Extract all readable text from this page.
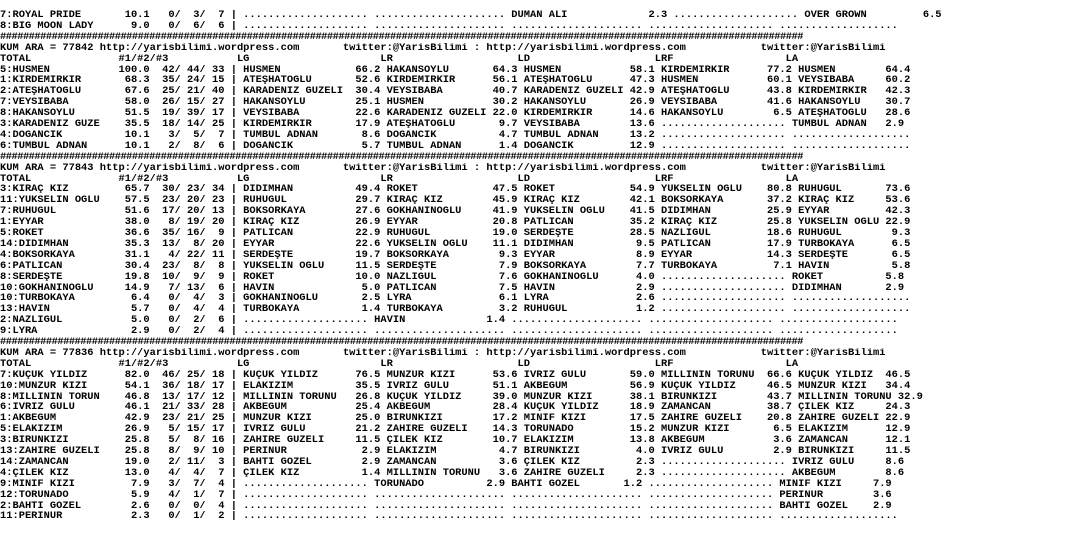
7:ROYAL PRIDE       10.1   0/  3/  7 | .................... ..................... DUMAN ALİ             2.3 .................... OVER GROWN         6.5
8:BIG MOON LADY      9.0   0/  6/  6 | .................... ..................... ..................... .................... ...................
############################################################################################################################################
KUM ARA = 77842 http://yarisbilimi.wordpress.com       twitter:@YarisBilimi : http://yarisbilimi.wordpress.com            twitter:@YarisBilimi
TOTAL              #1/#2/#3           LG                     LR                    LD                    LRF                  LA
5:HÜSMEN           100.0  42/ 44/ 33 | HÜSMEN            66.2 HAKANSOYLU       64.3 HÜSMEN           58.1 KIRDEMİRKIR      77.2 HÜSMEN        64.4
1:KIRDEMİRKIR       68.3  35/ 24/ 15 | ATEŞHATOĞLU       52.6 KIRDEMİRKIR      56.1 ATEŞHATOĞLU      47.3 HÜSMEN           60.1 VEYSİBABA     60.2
2:ATEŞHATOĞLU       67.6  25/ 21/ 40 | KARADENİZ GÜZELİ  30.4 VEYSİBABA        40.7 KARADENİZ GÜZELİ 42.9 ATEŞHATOĞLU      43.8 KIRDEMİRKIR   42.3
7:VEYSİBABA         58.0  26/ 15/ 27 | HAKANSOYLU        25.1 HÜSMEN           30.2 HAKANSOYLU       26.9 VEYSİBABA        41.6 HAKANSOYLU    30.7
8:HAKANSOYLU        51.5  19/ 39/ 17 | VEYSİBABA         22.6 KARADENİZ GÜZELİ 22.0 KIRDEMİRKIR      14.6 HAKANSOYLU        6.5 ATEŞHATOĞLU   28.6
3:KARADENİZ GÜZE    35.5  18/ 14/ 25 | KIRDEMİRKIR       17.9 ATEŞHATOĞLU       9.7 VEYSİBABA        13.6 .................... TUMBUL ADNAN   2.9
4:DOĞANCIK          10.1   3/  5/  7 | TUMBUL ADNAN       8.6 DOĞANCIK          4.7 TUMBUL ADNAN     13.2 .................... ...................
6:TUMBUL ADNAN      10.1   2/  8/  6 | DOĞANCIK           5.7 TUMBUL ADNAN      1.4 DOĞANCIK         12.9 .................... ...................
############################################################################################################################################
KUM ARA = 77843 http://yarisbilimi.wordpress.com       twitter:@YarisBilimi : http://yarisbilimi.wordpress.com            twitter:@YarisBilimi
TOTAL              #1/#2/#3           LG                     LR                    LD                    LRF                  LA
3:KIRAÇ KIZ         65.7  30/ 23/ 34 | DİDİMHAN          49.4 ROKET            47.5 ROKET            54.9 YÜKSELİN OĞLU    80.8 RUHUGÜL       73.6
11:YÜKSELİN OĞLU    57.5  23/ 20/ 23 | RUHUGÜL           29.7 KIRAÇ KIZ        45.9 KIRAÇ KIZ        42.1 BOKSÖRKAYA       37.2 KIRAÇ KIZ     53.6
7:RUHUGÜL           51.6  17/ 20/ 13 | BOKSÖRKAYA        27.6 GÖKHANINOĞLU     41.9 YÜKSELİN OĞLU    41.5 DİDİMHAN         25.9 EYYAR         42.3
1:EYYAR             38.0   8/ 19/ 20 | KIRAÇ KIZ         26.9 EYYAR            20.8 PATLICAN         35.2 KIRAÇ KIZ        25.8 YÜKSELİN OĞLU 22.9
5:ROKET             36.6  35/ 16/  9 | PATLICAN          22.9 RUHUGÜL          19.0 SERDEŞTE         28.5 NAZLIGÜL         18.6 RUHUGÜL        9.3
14:DİDİMHAN         35.3  13/  8/ 20 | EYYAR             22.6 YÜKSELİN OĞLU    11.1 DİDİMHAN          9.5 PATLICAN         17.9 TURBOKAYA      6.5
4:BOKSÖRKAYA        31.1   4/ 22/ 11 | SERDEŞTE          19.7 BOKSÖRKAYA        9.3 EYYAR             8.9 EYYAR            14.3 SERDEŞTE       6.5
6:PATLICAN          30.4  23/  8/  8 | YÜKSELİN OĞLU     11.5 SERDEŞTE          7.9 BOKSÖRKAYA        7.7 TURBOKAYA         7.1 HAVİN          5.8
8:SERDEŞTE          19.8  10/  9/  9 | ROKET             10.0 NAZLIGÜL          7.6 GÖKHANINOĞLU      4.0 .................... ROKET          5.8
10:GÖKHANINOĞLU     14.9   7/ 13/  6 | HAVİN              5.0 PATLICAN          7.5 HAVİN             2.9 .................... DİDİMHAN       2.9
10:TURBOKAYA         6.4   0/  4/  3 | GÖKHANINOĞLU       2.5 LYRA              6.1 LYRA              2.6 .................... ...................
13:HAVİN             5.7   0/  4/  4 | TURBOKAYA          1.4 TURBOKAYA         3.2 RUHUGÜL           1.2 .................... ...................
2:NAZLIGÜL           5.0   0/  2/  6 | .................... HAVİN             1.4 ..................... .................... ...................
9:LYRA               2.9   0/  2/  4 | .................... ..................... ..................... .................... ...................
############################################################################################################################################
KUM ARA = 77836 http://yarisbilimi.wordpress.com       twitter:@YarisBilimi : http://yarisbilimi.wordpress.com            twitter:@YarisBilimi
TOTAL              #1/#2/#3           LG                     LR                    LD                    LRF                  LA
7:KÜÇÜK YILDIZ      82.0  46/ 25/ 18 | KÜÇÜK YILDIZ      76.5 MUNZUR KIZI      53.6 İVRİZ GÜLÜ       59.0 MİLLİNİN TORUNU  66.6 KÜÇÜK YILDIZ  46.5
10:MUNZUR KIZI      54.1  36/ 18/ 17 | ELAKIZIM          35.5 İVRİZ GÜLÜ       51.1 AKBEGÜM          56.9 KÜÇÜK YILDIZ     46.5 MUNZUR KIZI   34.4
8:MİLLİNİN TORUN    46.8  13/ 17/ 12 | MİLLİNİN TORUNU   26.8 KÜÇÜK YILDIZ     39.0 MUNZUR KIZI      38.1 BİRÜNKIZI        43.7 MİLLİNİN TORUNU 32.9
6:İVRİZ GÜLÜ        46.1  21/ 33/ 28 | AKBEGÜM           25.4 AKBEGÜM          28.4 KÜÇÜK YILDIZ     18.9 ZAMANCAN         38.7 ÇİLEK KIZ     24.3
1:AKBEGÜM           42.9  23/ 21/ 25 | MUNZUR KIZI       25.0 BİRÜNKIZI        17.2 MİNİF KIZI       17.5 ZAHİRE GÜZELİ    20.8 ZAHİRE GÜZELİ 22.9
5:ELAKIZIM          26.9   5/ 15/ 17 | İVRİZ GÜLÜ        21.2 ZAHİRE GÜZELİ    14.3 TORUNADO         15.2 MUNZUR KIZI       6.5 ELAKIZIM      12.9
3:BİRÜNKIZI         25.8   5/  8/ 16 | ZAHİRE GÜZELİ     11.5 ÇİLEK KIZ        10.7 ELAKIZIM         13.8 AKBEGÜM           3.6 ZAMANCAN      12.1
13:ZAHİRE GÜZELİ    25.8   8/  9/ 10 | PERİNUR            2.9 ELAKIZIM          4.7 BİRÜNKIZI         4.0 İVRİZ GÜLÜ        2.9 BİRÜNKIZI     11.5
14:ZAMANCAN         19.0   2/ 11/  3 | BAHTI GÖZEL        2.9 ZAMANCAN          3.6 ÇİLEK KIZ         2.3 .................... İVRİZ GÜLÜ     8.6
4:ÇİLEK KIZ         13.0   4/  4/  7 | ÇİLEK KIZ          1.4 MİLLİNİN TORUNU   3.6 ZAHİRE GÜZELİ     2.3 .................... AKBEGÜM        8.6
9:MİNİF KIZI         7.9   3/  7/  4 | .................... TORUNADO          2.9 BAHTI GÖZEL       1.2 .................... MİNİF KIZI     7.9
12:TORUNADO          5.9   4/  1/  7 | .................... ..................... ..................... .................... PERİNUR        3.6
2:BAHTI GÖZEL        2.6   0/  0/  4 | .................... ..................... ..................... .................... BAHTI GÖZEL    2.9
11:PERİNUR           2.3   0/  1/  2 | .................... ..................... ..................... .................... ...................
